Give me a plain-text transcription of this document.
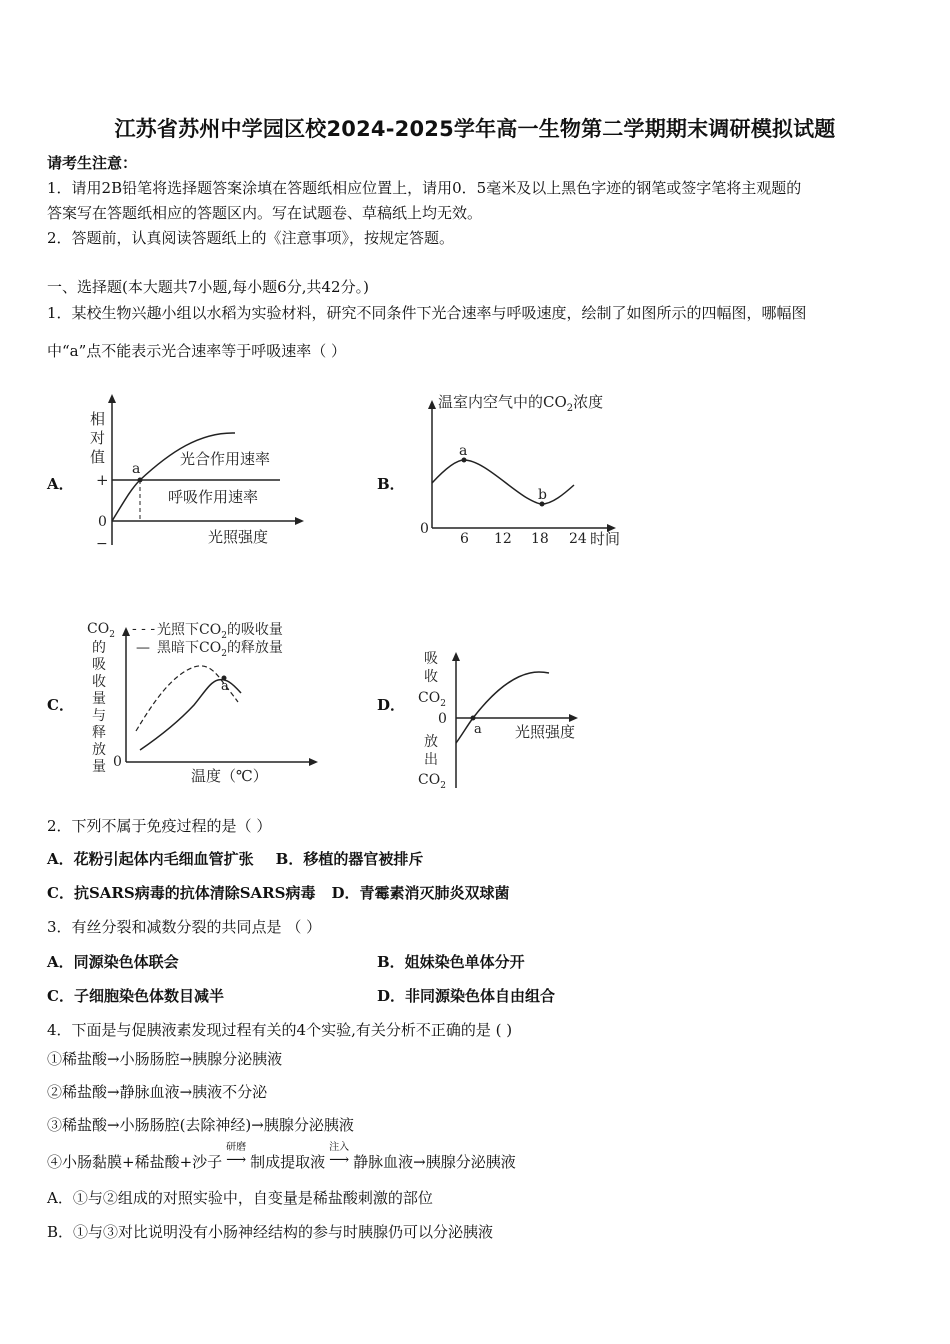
江苏省苏州中学园区校2024-2025学年高一生物第二学期期末调研模拟试题
请考生注意：
1．请用2B铅笔将选择题答案涂填在答题纸相应位置上，请用0．5毫米及以上黑色字迹的钢笔或签字笔将主观题的
答案写在答题纸相应的答题区内。写在试题卷、草稿纸上均无效。
2．答题前，认真阅读答题纸上的《注意事项》，按规定答题。
一、选择题(本大题共7小题,每小题6分,共42分。)
1．某校生物兴趣小组以水稻为实验材料，研究不同条件下光合速率与呼吸速度，绘制了如图所示的四幅图，哪幅图
中“a”点不能表示光合速率等于呼吸速率（ ）
A．	B．
C．	D．
相
对
值
+
0
−
a
光合作用速率
呼吸作用速率
光照强度
温室内空气中的$CO_2$浓度
0
6 12 18 24 时间
a
b
$CO_2$
的
吸
收
量
与
释
放
量 0
- - - 光照下$CO_2$的吸收量
— 黑暗下$CO_2$的释放量
a
温度（℃）
吸
收
$CO_2$
0
放
出
$CO_2$
a 光照强度
2．下列不属于免疫过程的是（ ）
A．花粉引起体内毛细血管扩张 B．移植的器官被排斥
C．抗SARS病毒的抗体清除SARS病毒 D．青霉素消灭肺炎双球菌
3．有丝分裂和减数分裂的共同点是 （ ）
A．同源染色体联会	B．姐妹染色单体分开
C．子细胞染色体数目减半	D．非同源染色体自由组合
4．下面是与促胰液素发现过程有关的4个实验,有关分析不正确的是 ( )
①稀盐酸→小肠肠腔→胰腺分泌胰液
②稀盐酸→静脉血液→胰液不分泌
③稀盐酸→小肠肠腔(去除神经)→胰腺分泌胰液
④小肠黏膜+稀盐酸+沙子
研磨
⟶ 制成提取液
注入
⟶ 静脉血液→胰腺分泌胰液
A．①与②组成的对照实验中，自变量是稀盐酸刺激的部位
B．①与③对比说明没有小肠神经结构的参与时胰腺仍可以分泌胰液
